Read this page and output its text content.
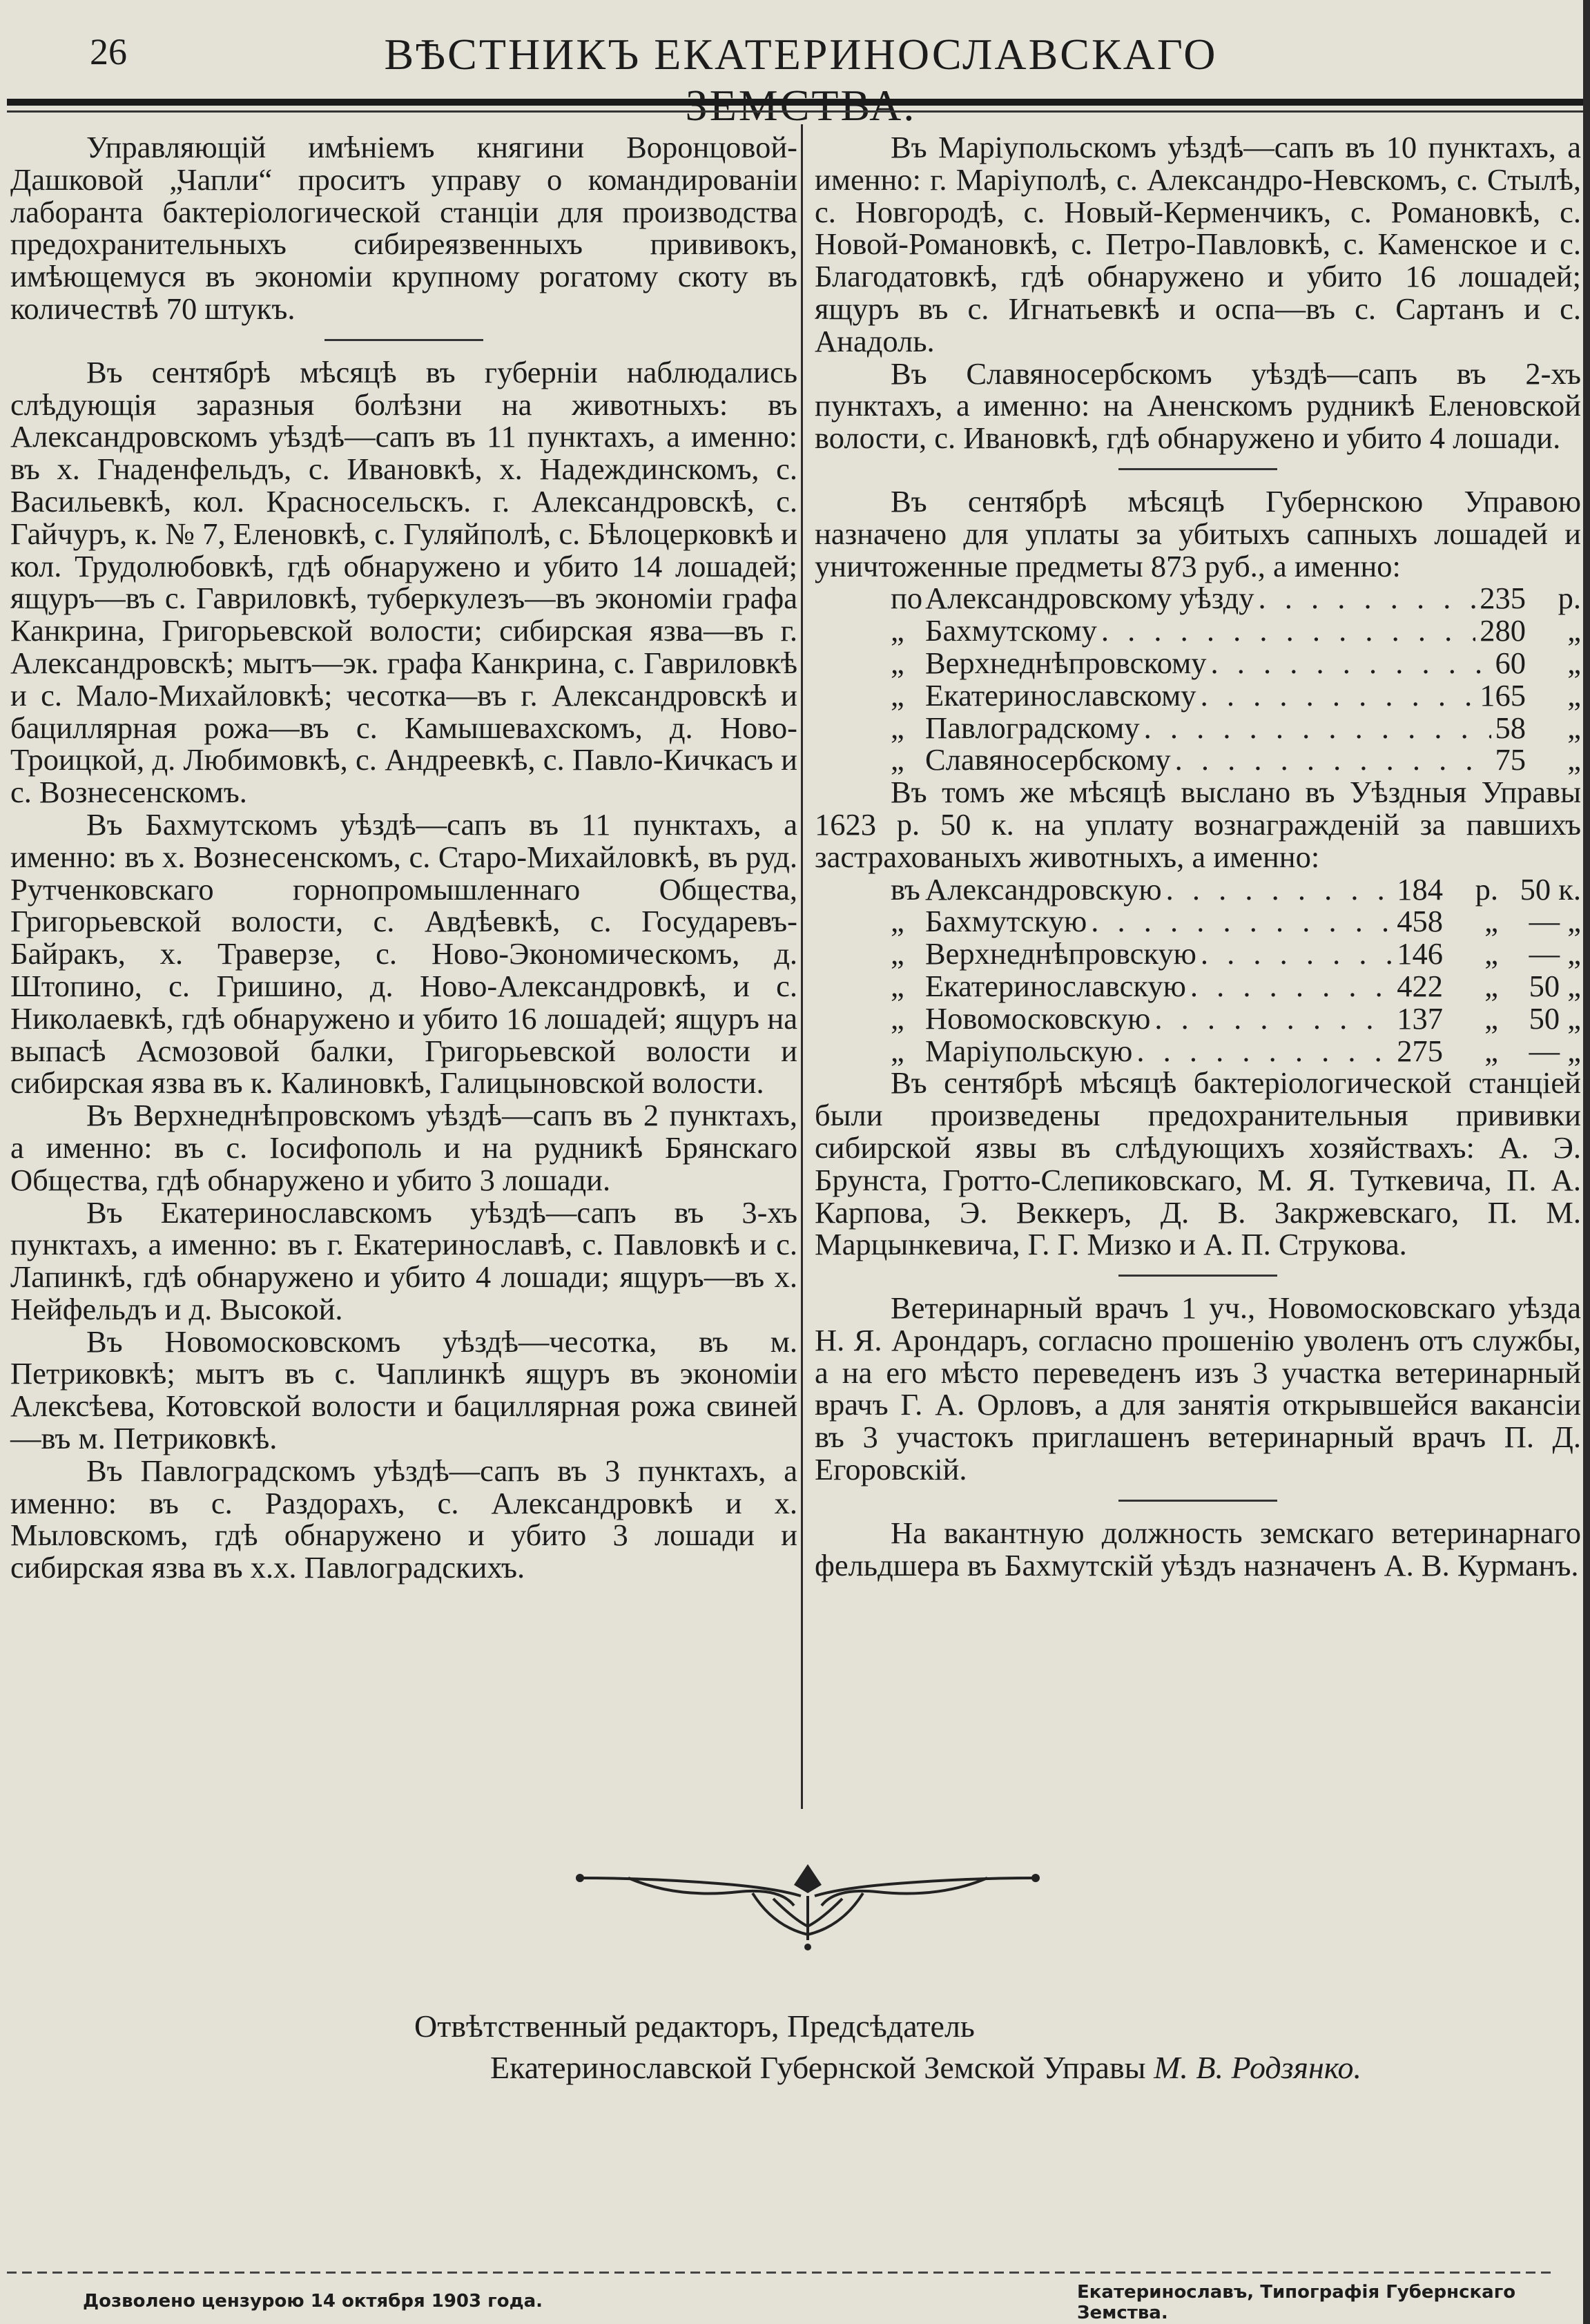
26	ВѢСТНИКЪ ЕКАТЕРИНОСЛАВСКАГО

Управляющій имѣніемъ княгини Воронцовой-Дашковой „Чапли“ проситъ управу о командированіи лаборанта бактеріологической станціи для производства предохранительныхъ сибиреязвенныхъ прививокъ, имѣющемуся въ экономіи крупному рогатому скоту въ количествѣ 70 штукъ.

Въ сентябрѣ мѣсяцѣ въ губерніи наблюдались слѣдующія заразныя болѣзни на животныхъ: въ Александровскомъ уѣздѣ—сапъ въ 11 пунктахъ, а именно: въ х. Гнаденфельдъ, с. Ивановкѣ, х. Надеждинскомъ, с. Васильевкѣ, кол. Красносельскъ. г. Александровскѣ, с. Гайчуръ, к. № 7, Еленовкѣ, с. Гуляйполѣ, с. Бѣлоцерковкѣ и кол. Трудолюбовкѣ, гдѣ обнаружено и убито 14 лошадей; ящуръ—въ с. Гавриловкѣ, туберкулезъ—въ экономіи графа Канкрина, Григорьевской волости; сибирская язва—въ г. Александровскѣ; мытъ—эк. графа Канкрина, с. Гавриловкѣ и с. Мало-Михайловкѣ; чесотка—въ г. Александровскѣ и бациллярная рожа—въ с. Камышевахскомъ, д. Ново-Троицкой, д. Любимовкѣ, с. Андреевкѣ, с. Павло-Кичкасъ и с. Вознесенскомъ.

Въ Бахмутскомъ уѣздѣ—сапъ въ 11 пунктахъ, а именно: въ х. Вознесенскомъ, с. Старо-Михайловкѣ, въ руд. Рутченковскаго горнопромышленнаго Общества, Григорьевской волости, с. Авдѣевкѣ, с. Государевъ-Байракъ, х. Траверзе, с. Ново-Экономическомъ, д. Штопино, с. Гришино, д. Ново-Александровкѣ, и с. Николаевкѣ, гдѣ обнаружено и убито 16 лошадей; ящуръ на выпасѣ Асмозовой балки, Григорьевской волости и сибирская язва въ к. Калиновкѣ, Галицыновской волости.

Въ Верхнеднѣпровскомъ уѣздѣ—сапъ въ 2 пунктахъ, а именно: въ с. Іосифополь и на рудникѣ Брянскаго Общества, гдѣ обнаружено и убито 3 лошади.

Въ Екатеринославскомъ уѣздѣ—сапъ въ 3-хъ пунктахъ, а именно: въ г. Екатеринославѣ, с. Павловкѣ и с. Лапинкѣ, гдѣ обнаружено и убито 4 лошади; ящуръ—въ х. Нейфельдъ и д. Высокой.

Въ Новомосковскомъ уѣздѣ—чесотка, въ м. Петриковкѣ; мытъ въ с. Чаплинкѣ ящуръ въ экономіи Алексѣева, Котовской волости и бациллярная рожа свиней—въ м. Петриковкѣ.

Въ Павлоградскомъ уѣздѣ—сапъ въ 3 пунктахъ, а именно: въ с. Раздорахъ, с. Александровкѣ и х. Мыловскомъ, гдѣ обнаружено и убито 3 лошади и сибирская язва въ х.х. Павлоградскихъ.

Въ Маріупольскомъ уѣздѣ—сапъ въ 10 пунктахъ, а именно: г. Маріуполѣ, с. Александро-Невскомъ, с. Стылѣ, с. Новгородѣ, с. Новый-Керменчикъ, с. Романовкѣ, с. Новой-Романовкѣ, с. Петро-Павловкѣ, с. Каменское и с. Благодатовкѣ, гдѣ обнаружено и убито 16 лошадей; ящуръ въ с. Игнатьевкѣ и оспа—въ с. Сартанъ и с. Анадоль.

Въ Славяносербскомъ уѣздѣ—сапъ въ 2-хъ пунктахъ, а именно: на Аненскомъ рудникѣ Еленовской волости, с. Ивановкѣ, гдѣ обнаружено и убито 4 лошади.

Въ сентябрѣ мѣсяцѣ Губернскою Управою назначено для уплаты за убитыхъ сапныхъ лошадей и уничтоженные предметы 873 руб., а именно:

по Александровскому уѣзду . . .	235	р.
„ Бахмутскому . . .	280	„
„ Верхнеднѣпровскому . . .	60	„
„ Екатеринославскому . . .	165	„
„ Павлоградскому . . .	58	„
„ Славяносербскому . . .	75	„

Въ томъ же мѣсяцѣ выслано въ Уѣздныя Управы 1623 р. 50 к. на уплату вознагражденій за павшихъ застрахованыхъ животныхъ, а именно:

въ Александровскую . . .	184	р. 50 к.
„ Бахмутскую . . .	458	„	— „
„ Верхнеднѣпровскую . . .	146	„	— „
„ Екатеринославскую . . .	422	„	50 „
„ Новомосковскую . . .	137	„	50 „
„ Маріупольскую . . .	275	„	— „

Въ сентябрѣ мѣсяцѣ бактеріологической станціей были произведены предохранительныя прививки сибирской язвы въ слѣдующихъ хозяйствахъ: А. Э. Брунста, Гротто-Слепиковскаго, М. Я. Туткевича, П. А. Карпова, Э. Веккеръ, Д. В. Закржевскаго, П. М. Марцынкевича, Г. Г. Мизко и А. П. Струкова.

Ветеринарный врачъ 1 уч., Новомосковскаго уѣзда Н. Я. Арондаръ, согласно прошенію уволенъ отъ службы, а на его мѣсто переведенъ изъ 3 участка ветеринарный врачъ Г. А. Орловъ, а для занятія открывшейся вакансіи въ 3 участокъ приглашенъ ветеринарный врачъ П. Д. Егоровскій.

На вакантную должность земскаго ветеринарнаго фельдшера въ Бахмутскій уѣздъ назначенъ А. В. Курманъ.

Отвѣтственный редакторъ, Предсѣдатель
Екатеринославской Губернской Земской Управы М. В. Родзянко.
Дозволено цензурою 14 октября 1903 года.	Екатеринославъ, Типографія Губернскаго Земства.
